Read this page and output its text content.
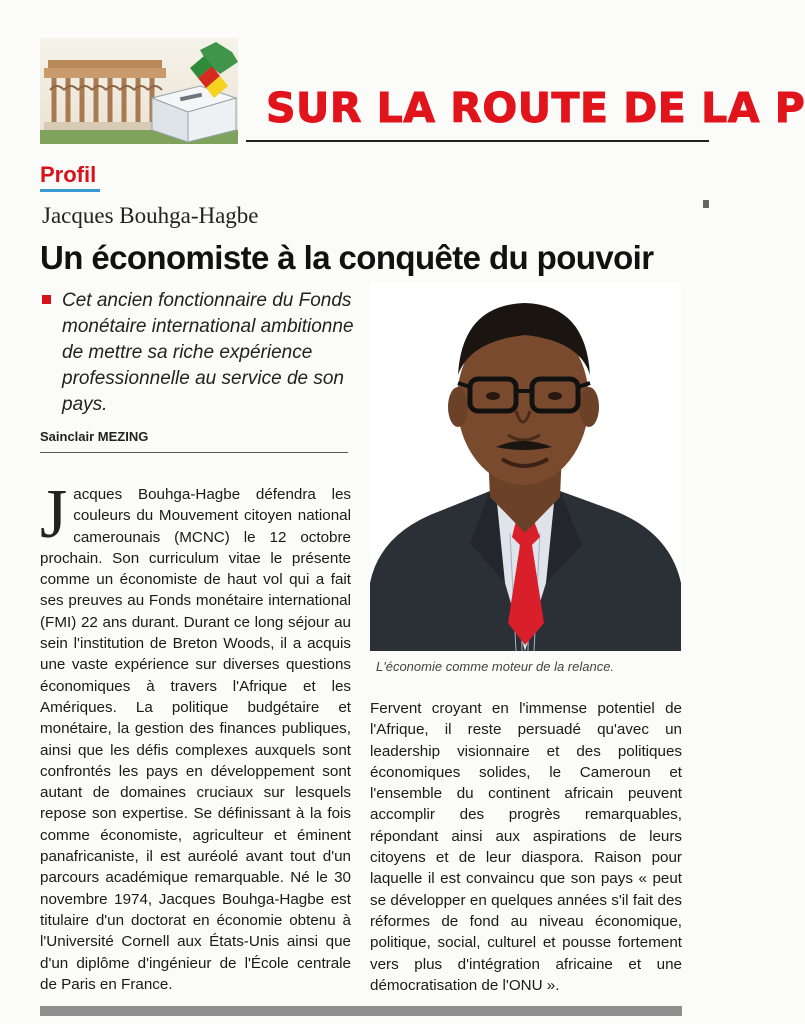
SUR LA ROUTE DE LA P
Profil
Jacques Bouhga-Hagbe
Un économiste à la conquête du pouvoir
Cet ancien fonctionnaire du Fonds monétaire international ambitionne de mettre sa riche expérience professionnelle au service de son pays.
Sainclair MEZING
L'économie comme moteur de la relance.
Jacques Bouhga-Hagbe défendra les couleurs du Mouvement citoyen national camerounais (MCNC) le 12 octobre prochain. Son curriculum vitae le présente comme un économiste de haut vol qui a fait ses preuves au Fonds monétaire international (FMI) 22 ans durant. Durant ce long séjour au sein l'institution de Breton Woods, il a acquis une vaste expérience sur diverses questions économiques à travers l'Afrique et les Amériques. La politique budgétaire et monétaire, la gestion des finances publiques, ainsi que les défis complexes auxquels sont confrontés les pays en développement sont autant de domaines cruciaux sur lesquels repose son expertise. Se définissant à la fois comme économiste, agriculteur et éminent panafricaniste, il est auréolé avant tout d'un parcours académique remarquable. Né le 30 novembre 1974, Jacques Bouhga-Hagbe est titulaire d'un doctorat en économie obtenu à l'Université Cornell aux États-Unis ainsi que d'un diplôme d'ingénieur de l'École centrale de Paris en France.
Fervent croyant en l'immense potentiel de l'Afrique, il reste persuadé qu'avec un leadership visionnaire et des politiques économiques solides, le Cameroun et l'ensemble du continent africain peuvent accomplir des progrès remarquables, répondant ainsi aux aspirations de leurs citoyens et de leur diaspora. Raison pour laquelle il est convaincu que son pays « peut se développer en quelques années s'il fait des réformes de fond au niveau économique, politique, social, culturel et pousse fortement vers plus d'intégration africaine et une démocratisation de l'ONU ».
